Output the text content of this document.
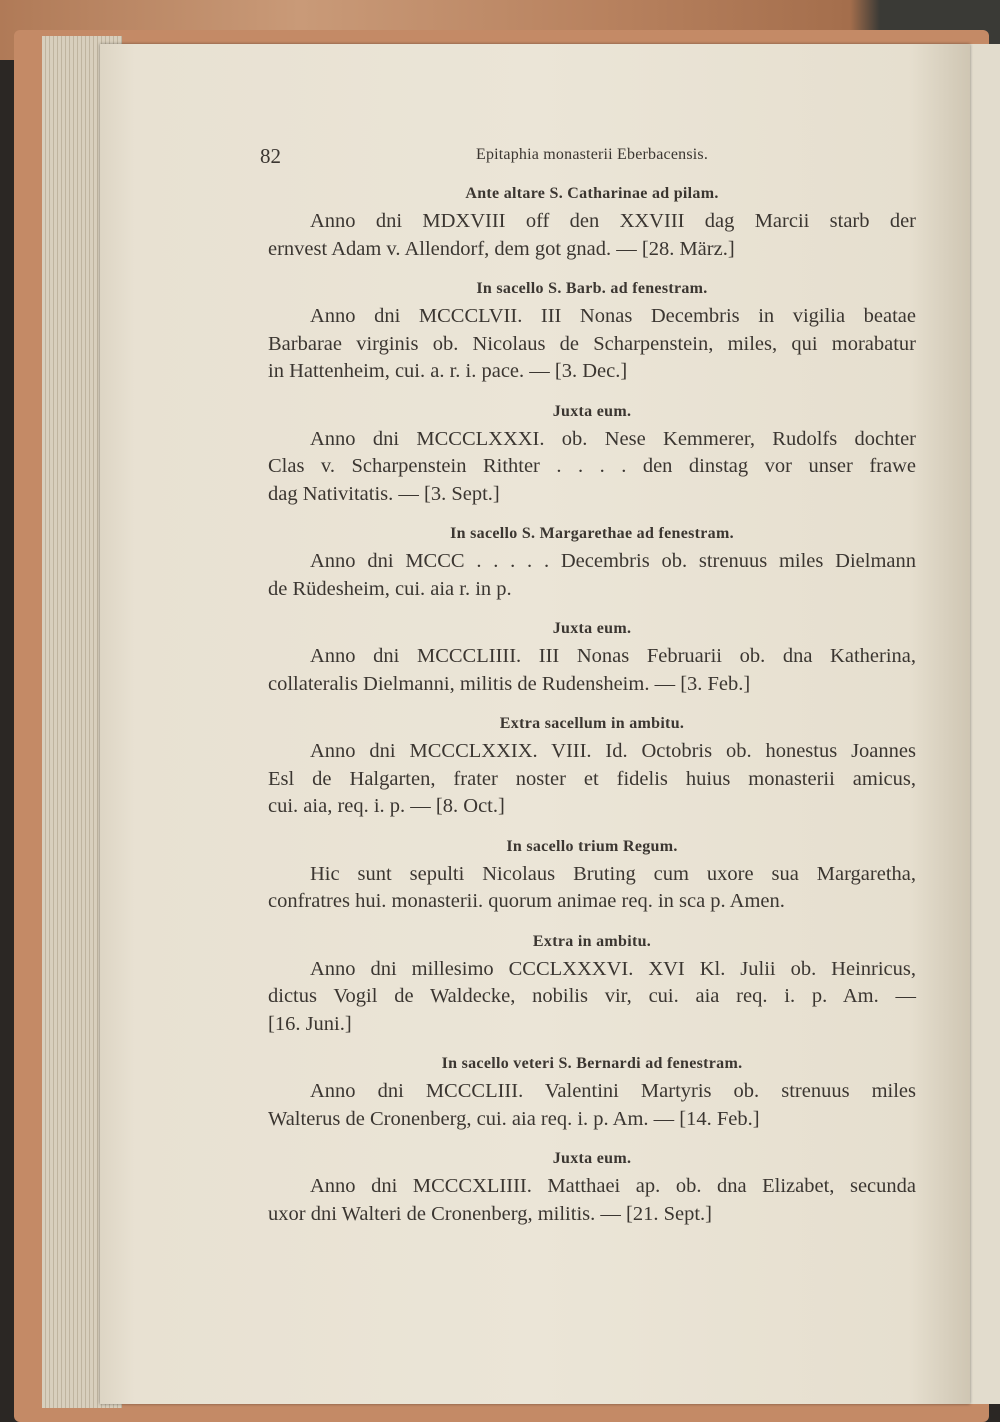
82	Epitaphia monasterii Eberbacensis.
Ante altare S. Catharinae ad pilam.
Anno dni MDXVIII off den XXVIII dag Marcii starb der
ernvest Adam v. Allendorf, dem got gnad. — [28. März.]
In sacello S. Barb. ad fenestram.
Anno dni MCCCLVII. III Nonas Decembris in vigilia beatae
Barbarae virginis ob. Nicolaus de Scharpenstein, miles, qui morabatur
in Hattenheim, cui. a. r. i. pace. — [3. Dec.]
Juxta eum.
Anno dni MCCCLXXXI. ob. Nese Kemmerer, Rudolfs dochter
Clas v. Scharpenstein Rithter . . . . den dinstag vor unser frawe
dag Nativitatis. — [3. Sept.]
In sacello S. Margarethae ad fenestram.
Anno dni MCCC . . . . . Decembris ob. strenuus miles Dielmann
de Rüdesheim, cui. aia r. in p.
Juxta eum.
Anno dni MCCCLIIII. III Nonas Februarii ob. dna Katherina,
collateralis Dielmanni, militis de Rudensheim. — [3. Feb.]
Extra sacellum in ambitu.
Anno dni MCCCLXXIX. VIII. Id. Octobris ob. honestus Joannes
Esl de Halgarten, frater noster et fidelis huius monasterii amicus,
cui. aia, req. i. p. — [8. Oct.]
In sacello trium Regum.
Hic sunt sepulti Nicolaus Bruting cum uxore sua Margaretha,
confratres hui. monasterii. quorum animae req. in sca p. Amen.
Extra in ambitu.
Anno dni millesimo CCCLXXXVI. XVI Kl. Julii ob. Heinricus,
dictus Vogil de Waldecke, nobilis vir, cui. aia req. i. p. Am. —
[16. Juni.]
In sacello veteri S. Bernardi ad fenestram.
Anno dni MCCCLIII. Valentini Martyris ob. strenuus miles
Walterus de Cronenberg, cui. aia req. i. p. Am. — [14. Feb.]
Juxta eum.
Anno dni MCCCXLIIII. Matthaei ap. ob. dna Elizabet, secunda
uxor dni Walteri de Cronenberg, militis. — [21. Sept.]
